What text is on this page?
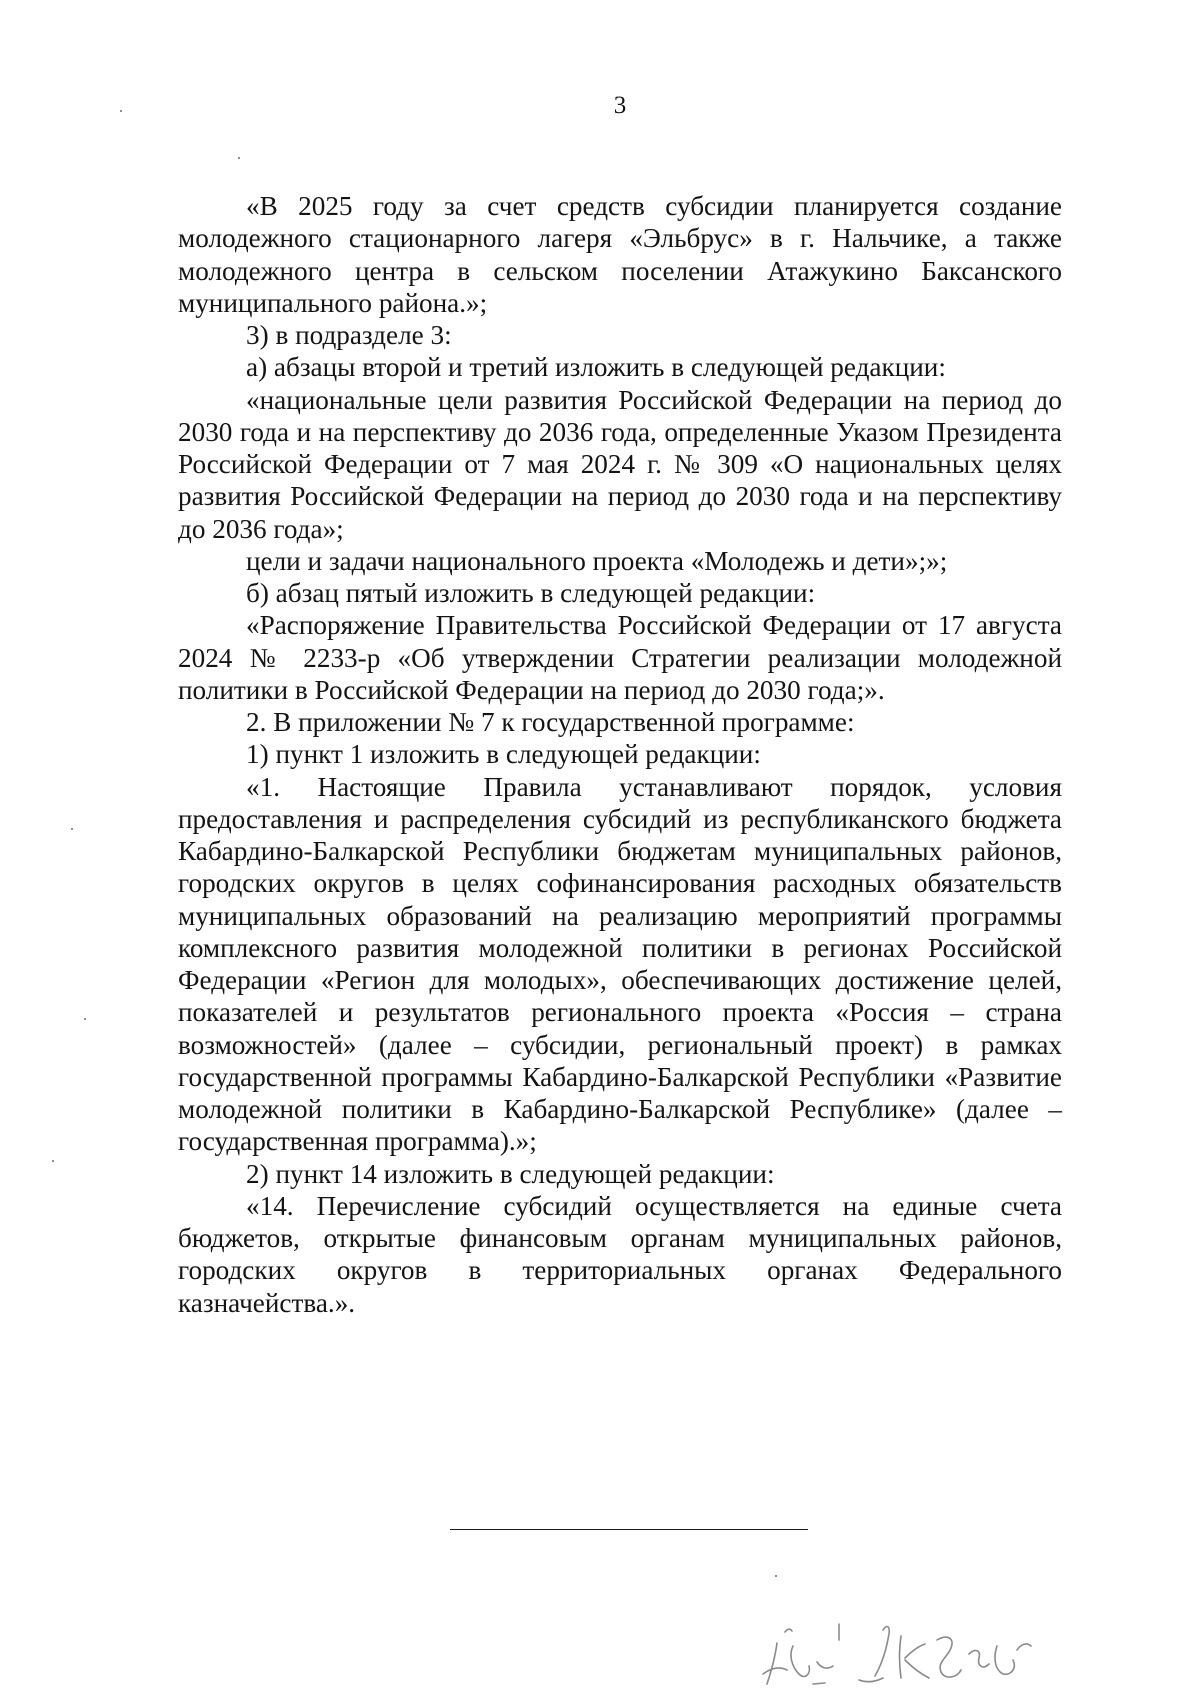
3

«В 2025 году за счет средств субсидии планируется создание молодежного стационарного лагеря «Эльбрус» в г. Нальчике, а также молодежного центра в сельском поселении Атажукино Баксанского муниципального района.»;

3) в подразделе 3:

а) абзацы второй и третий изложить в следующей редакции:

«национальные цели развития Российской Федерации на период до 2030 года и на перспективу до 2036 года, определенные Указом Президента Российской Федерации от 7 мая 2024 г. № 309 «О национальных целях развития Российской Федерации на период до 2030 года и на перспективу до 2036 года»;

цели и задачи национального проекта «Молодежь и дети»;»;

б) абзац пятый изложить в следующей редакции:

«Распоряжение Правительства Российской Федерации от 17 августа 2024 № 2233-р «Об утверждении Стратегии реализации молодежной политики в Российской Федерации на период до 2030 года;».

2. В приложении № 7 к государственной программе:

1) пункт 1 изложить в следующей редакции:

«1. Настоящие Правила устанавливают порядок, условия предоставления и распределения субсидий из республиканского бюджета Кабардино-Балкарской Республики бюджетам муниципальных районов, городских округов в целях софинансирования расходных обязательств муниципальных образований на реализацию мероприятий программы комплексного развития молодежной политики в регионах Российской Федерации «Регион для молодых», обеспечивающих достижение целей, показателей и результатов регионального проекта «Россия – страна возможностей» (далее – субсидии, региональный проект) в рамках государственной программы Кабардино-Балкарской Республики «Развитие молодежной политики в Кабардино-Балкарской Республике» (далее – государственная программа).»;

2) пункт 14 изложить в следующей редакции:

«14. Перечисление субсидий осуществляется на единые счета бюджетов, открытые финансовым органам муниципальных районов, городских округов в территориальных органах Федерального казначейства.».
